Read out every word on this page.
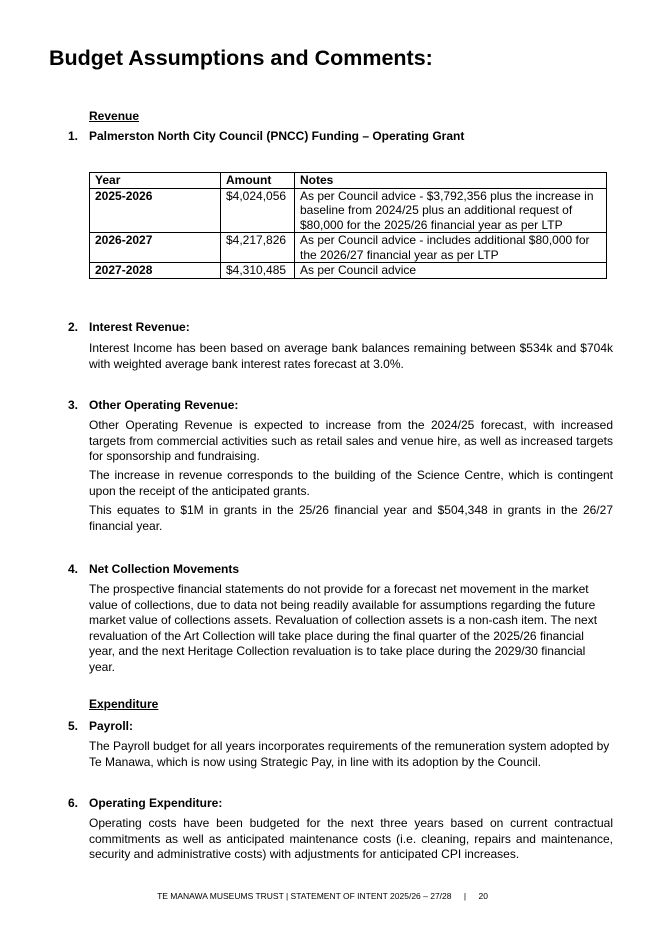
Budget Assumptions and Comments:
Revenue
1. Palmerston North City Council (PNCC) Funding – Operating Grant
Year	Amount	Notes
2025-2026	$4,024,056	As per Council advice - $3,792,356 plus the increase in baseline from 2024/25 plus an additional request of $80,000 for the 2025/26 financial year as per LTP
2026-2027	$4,217,826	As per Council advice - includes additional $80,000 for the 2026/27 financial year as per LTP
2027-2028	$4,310,485	As per Council advice
2. Interest Revenue:

Interest Income has been based on average bank balances remaining between $534k and $704k with weighted average bank interest rates forecast at 3.0%.

3. Other Operating Revenue:

Other Operating Revenue is expected to increase from the 2024/25 forecast, with increased targets from commercial activities such as retail sales and venue hire, as well as increased targets for sponsorship and fundraising.

The increase in revenue corresponds to the building of the Science Centre, which is contingent upon the receipt of the anticipated grants.

This equates to $1M in grants in the 25/26 financial year and $504,348 in grants in the 26/27 financial year.

4. Net Collection Movements

The prospective financial statements do not provide for a forecast net movement in the market value of collections, due to data not being readily available for assumptions regarding the future market value of collections assets. Revaluation of collection assets is a non-cash item. The next revaluation of the Art Collection will take place during the final quarter of the 2025/26 financial year, and the next Heritage Collection revaluation is to take place during the 2029/30 financial year.

Expenditure
5. Payroll:

The Payroll budget for all years incorporates requirements of the remuneration system adopted by Te Manawa, which is now using Strategic Pay, in line with its adoption by the Council.

6. Operating Expenditure:

Operating costs have been budgeted for the next three years based on current contractual commitments as well as anticipated maintenance costs (i.e. cleaning, repairs and maintenance, security and administrative costs) with adjustments for anticipated CPI increases.

TE MANAWA MUSEUMS TRUST | STATEMENT OF INTENT 2025/26 – 27/28 | 20
